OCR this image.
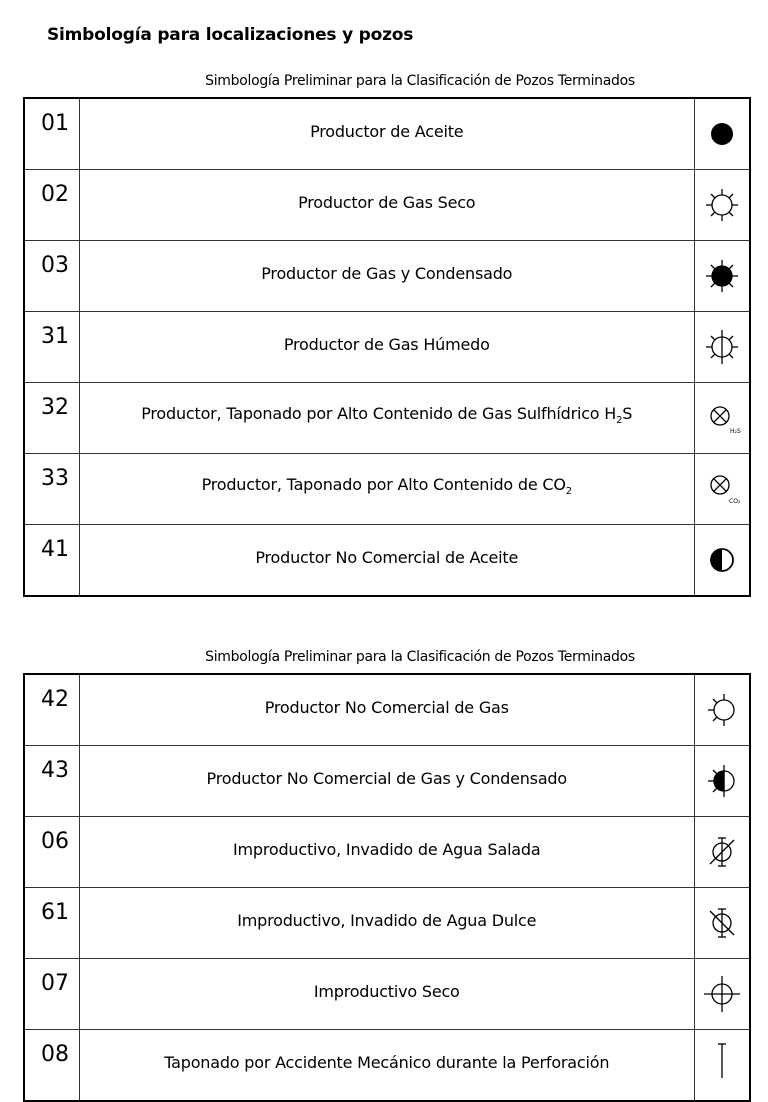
Simbología para localizaciones y pozos
Simbología Preliminar para la Clasificación de Pozos Terminados
01	Productor de Aceite	

02	Productor de Gas Seco	

03	Productor de Gas y Condensado	

31	Productor de Gas Húmedo	

32	Productor, Taponado por Alto Contenido de Gas Sulfhídrico $H_2S$	H₂S

33	Productor, Taponado por Alto Contenido de $CO_2$	CO₂

41	Productor No Comercial de Aceite	
Simbología Preliminar para la Clasificación de Pozos Terminados
42	Productor No Comercial de Gas	

43	Productor No Comercial de Gas y Condensado	

06	Improductivo, Invadido de Agua Salada	

61	Improductivo, Invadido de Agua Dulce	

07	Improductivo Seco	

08	Taponado por Accidente Mecánico durante la Perforación	
